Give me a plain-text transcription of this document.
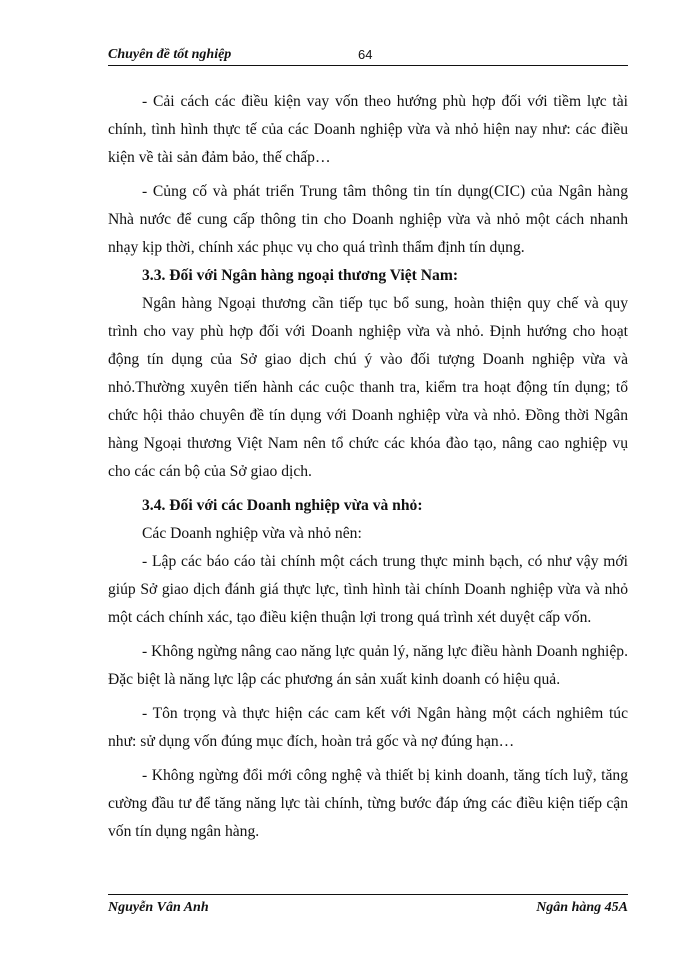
Chuyên đề tốt nghiệp	64

- Cải cách các điều kiện vay vốn theo hướng phù hợp đối với tiềm lực tài chính, tình hình thực tế của các Doanh nghiệp vừa và nhỏ hiện nay như: các điều kiện về tài sản đảm bảo, thế chấp…

- Củng cố và phát triển Trung tâm thông tin tín dụng(CIC) của Ngân hàng Nhà nước để cung cấp thông tin cho Doanh nghiệp vừa và nhỏ một cách nhanh nhạy kịp thời, chính xác phục vụ cho quá trình thẩm định tín dụng.

3.3. Đối với Ngân hàng ngoại thương Việt Nam:

Ngân hàng Ngoại thương cần tiếp tục bổ sung, hoàn thiện quy chế và quy trình cho vay phù hợp đối với Doanh nghiệp vừa và nhỏ. Định hướng cho hoạt động tín dụng của Sở giao dịch chú ý vào đối tượng Doanh nghiệp vừa và nhỏ.Thường xuyên tiến hành các cuộc thanh tra, kiểm tra hoạt động tín dụng; tổ chức hội thảo chuyên đề tín dụng với Doanh nghiệp vừa và nhỏ. Đồng thời Ngân hàng Ngoại thương Việt Nam nên tổ chức các khóa đào tạo, nâng cao nghiệp vụ cho các cán bộ của Sở giao dịch.

3.4. Đối với các Doanh nghiệp vừa và nhỏ:

Các Doanh nghiệp vừa và nhỏ nên:

- Lập các báo cáo tài chính một cách trung thực minh bạch, có như vậy mới giúp Sở giao dịch đánh giá thực lực, tình hình tài chính Doanh nghiệp vừa và nhỏ một cách chính xác, tạo điều kiện thuận lợi trong quá trình xét duyệt cấp vốn.

- Không ngừng nâng cao năng lực quản lý, năng lực điều hành Doanh nghiệp. Đặc biệt là năng lực lập các phương án sản xuất kinh doanh có hiệu quả.

- Tôn trọng và thực hiện các cam kết với Ngân hàng một cách nghiêm túc như: sử dụng vốn đúng mục đích, hoàn trả gốc và nợ đúng hạn…

- Không ngừng đổi mới công nghệ và thiết bị kinh doanh, tăng tích luỹ, tăng cường đầu tư để tăng năng lực tài chính, từng bước đáp ứng các điều kiện tiếp cận vốn tín dụng ngân hàng.

Nguyễn Vân Anh	Ngân hàng 45A
